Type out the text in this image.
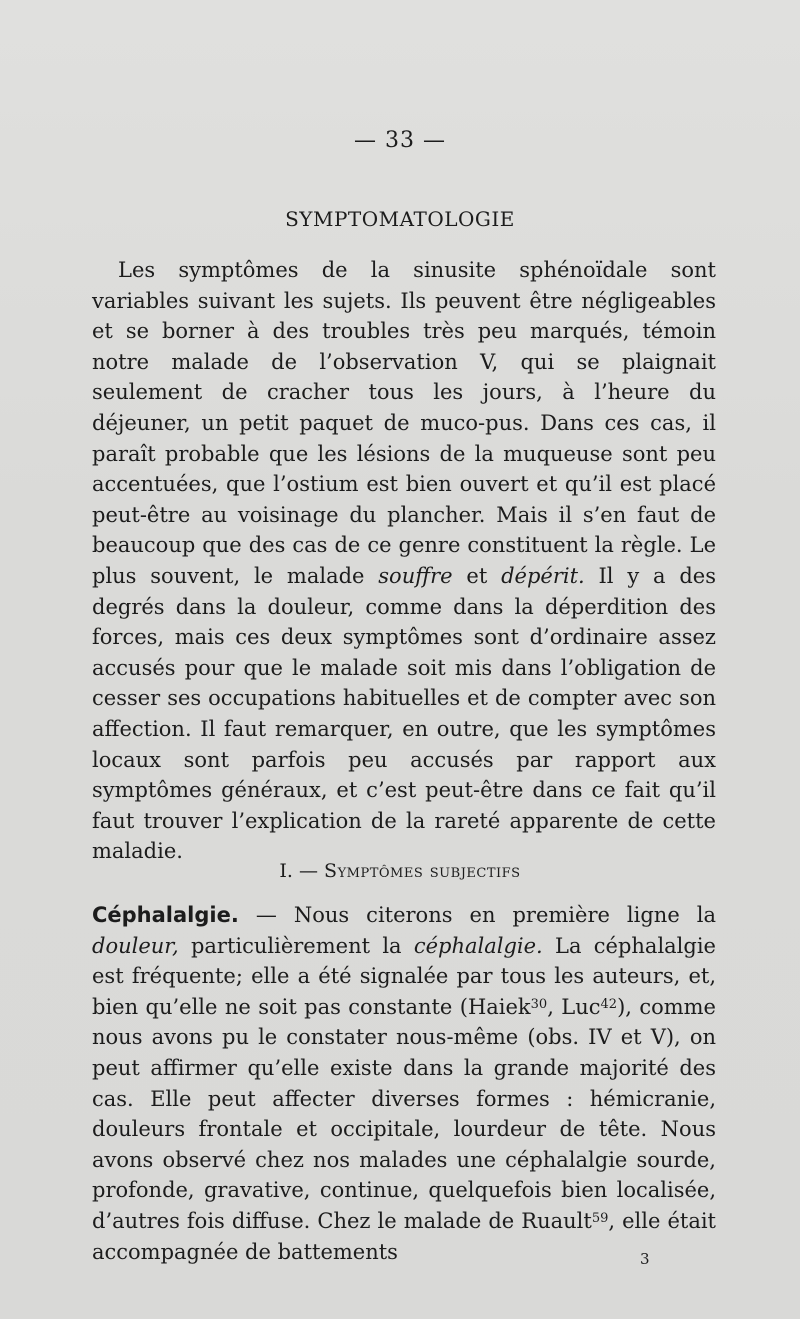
— 33 —
SYMPTOMATOLOGIE
Les symptômes de la sinusite sphénoïdale sont variables suivant les sujets. Ils peuvent être négligeables et se borner à des troubles très peu marqués, témoin notre malade de l’observation V, qui se plaignait seulement de cracher tous les jours, à l’heure du déjeuner, un petit paquet de muco-pus. Dans ces cas, il paraît probable que les lésions de la muqueuse sont peu accentuées, que l’ostium est bien ouvert et qu’il est placé peut-être au voisinage du plancher. Mais il s’en faut de beaucoup que des cas de ce genre constituent la règle. Le plus souvent, le malade souffre et dépérit. Il y a des degrés dans la douleur, comme dans la déperdition des forces, mais ces deux symptômes sont d’ordinaire assez accusés pour que le malade soit mis dans l’obligation de cesser ses occupations habituelles et de compter avec son affection. Il faut remarquer, en outre, que les symptômes locaux sont parfois peu accusés par rapport aux symptômes généraux, et c’est peut-être dans ce fait qu’il faut trouver l’explication de la rareté apparente de cette maladie.
I. — Symptômes subjectifs
Céphalalgie. — Nous citerons en première ligne la douleur, particulièrement la céphalalgie. La céphalalgie est fréquente; elle a été signalée par tous les auteurs, et, bien qu’elle ne soit pas constante (Haiek$^{30}$, Luc$^{42}$), comme nous avons pu le constater nous-même (obs. IV et V), on peut affirmer qu’elle existe dans la grande majorité des cas. Elle peut affecter diverses formes : hémicranie, douleurs frontale et occipitale, lourdeur de tête. Nous avons observé chez nos malades une céphalalgie sourde, profonde, gravative, continue, quelquefois bien localisée, d’autres fois diffuse. Chez le malade de Ruault$^{59}$, elle était accompagnée de battements	3
